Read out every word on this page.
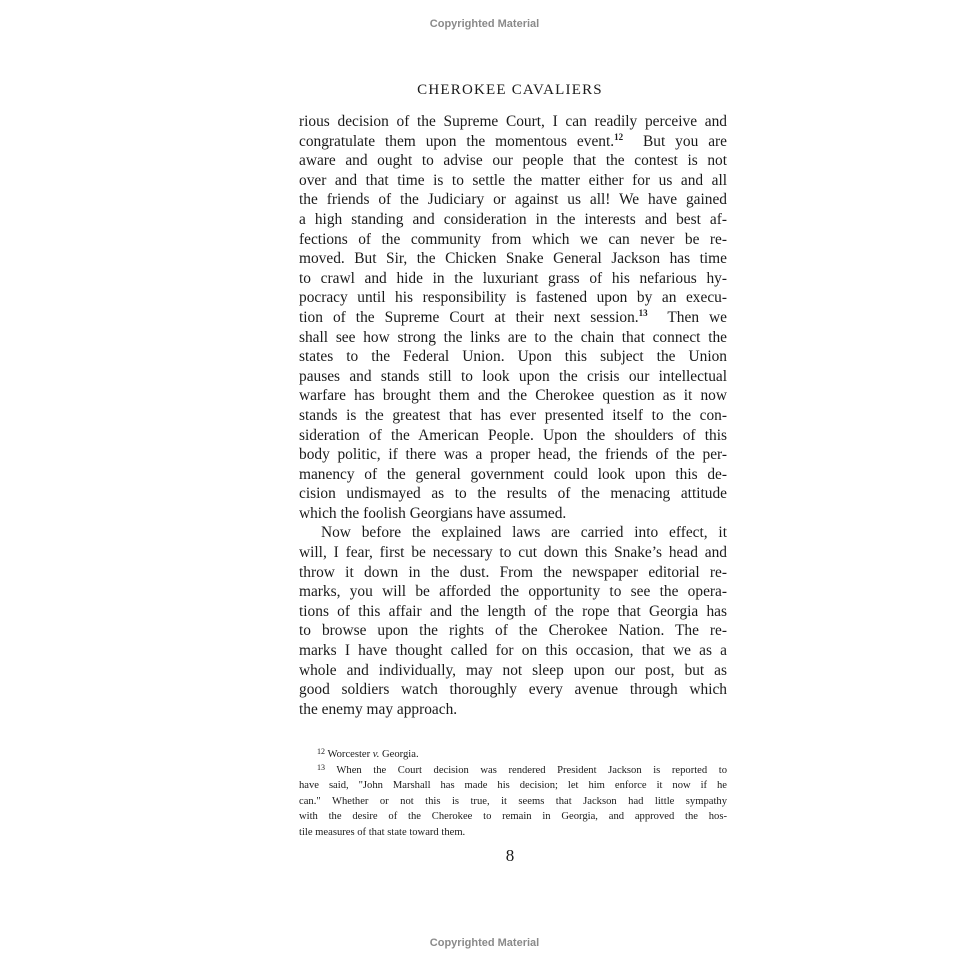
Copyrighted Material
CHEROKEE CAVALIERS
rious decision of the Supreme Court, I can readily perceive and
congratulate them upon the momentous event.$^{12}$  But you are
aware and ought to advise our people that the contest is not
over and that time is to settle the matter either for us and all
the friends of the Judiciary or against us all! We have gained
a high standing and consideration in the interests and best af-
fections of the community from which we can never be re-
moved. But Sir, the Chicken Snake General Jackson has time
to crawl and hide in the luxuriant grass of his nefarious hy-
pocracy until his responsibility is fastened upon by an execu-
tion of the Supreme Court at their next session.$^{13}$  Then we
shall see how strong the links are to the chain that connect the
states to the Federal Union. Upon this subject the Union
pauses and stands still to look upon the crisis our intellectual
warfare has brought them and the Cherokee question as it now
stands is the greatest that has ever presented itself to the con-
sideration of the American People. Upon the shoulders of this
body politic, if there was a proper head, the friends of the per-
manency of the general government could look upon this de-
cision undismayed as to the results of the menacing attitude
which the foolish Georgians have assumed.
Now before the explained laws are carried into effect, it
will, I fear, first be necessary to cut down this Snake’s head and
throw it down in the dust. From the newspaper editorial re-
marks, you will be afforded the opportunity to see the opera-
tions of this affair and the length of the rope that Georgia has
to browse upon the rights of the Cherokee Nation. The re-
marks I have thought called for on this occasion, that we as a
whole and individually, may not sleep upon our post, but as
good soldiers watch thoroughly every avenue through which
the enemy may approach.
$^{12}$ Worcester v. Georgia.
$^{13}$ When the Court decision was rendered President Jackson is reported to
have said, "John Marshall has made his decision; let him enforce it now if he
can." Whether or not this is true, it seems that Jackson had little sympathy
with the desire of the Cherokee to remain in Georgia, and approved the hos-
tile measures of that state toward them.
8
Copyrighted Material
